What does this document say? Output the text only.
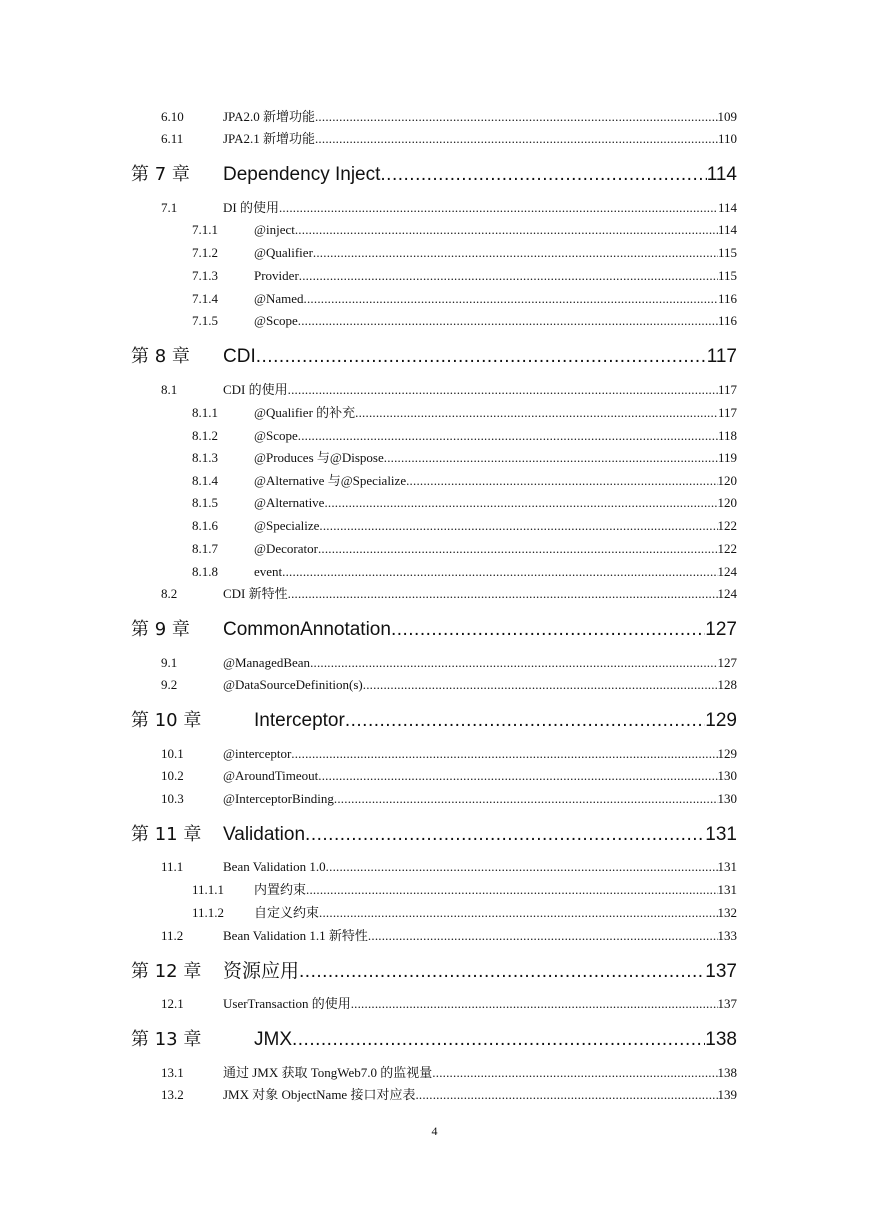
6.10	JPA2.0 新增功能 .....	109
6.11	JPA2.1 新增功能 .....	110
第 7 章 Dependency Inject .....	114
7.1	DI 的使用 .....	114
7.1.1	@inject .....	114
7.1.2	@Qualifier .....	115
7.1.3	Provider .....	115
7.1.4	@Named .....	116
7.1.5	@Scope .....	116
第 8 章 CDI .....	117
8.1	CDI 的使用 .....	117
8.1.1	@Qualifier 的补充 .....	117
8.1.2	@Scope .....	118
8.1.3	@Produces 与@Dispose .....	119
8.1.4	@Alternative 与@Specialize .....	120
8.1.5	@Alternative .....	120
8.1.6	@Specialize .....	122
8.1.7	@Decorator .....	122
8.1.8	event .....	124
8.2	CDI 新特性 .....	124
第 9 章 CommonAnnotation .....	127
9.1	@ManagedBean .....	127
9.2	@DataSourceDefinition(s) .....	128
第 10 章	Interceptor .....	129
10.1	@interceptor .....	129
10.2	@AroundTimeout .....	130
10.3	@InterceptorBinding .....	130
第 11 章 Validation .....	131
11.1	Bean Validation 1.0 .....	131
11.1.1 内置约束 .....	131
11.1.2 自定义约束 .....	132
11.2	Bean Validation 1.1 新特性 .....	133
第 12 章 资源应用 .....	137
12.1	UserTransaction 的使用 .....	137
第 13 章	JMX .....	138
13.1	通过 JMX 获取 TongWeb7.0 的监视量 .....	138
13.2	JMX 对象 ObjectName 接口对应表 .....	139
4
